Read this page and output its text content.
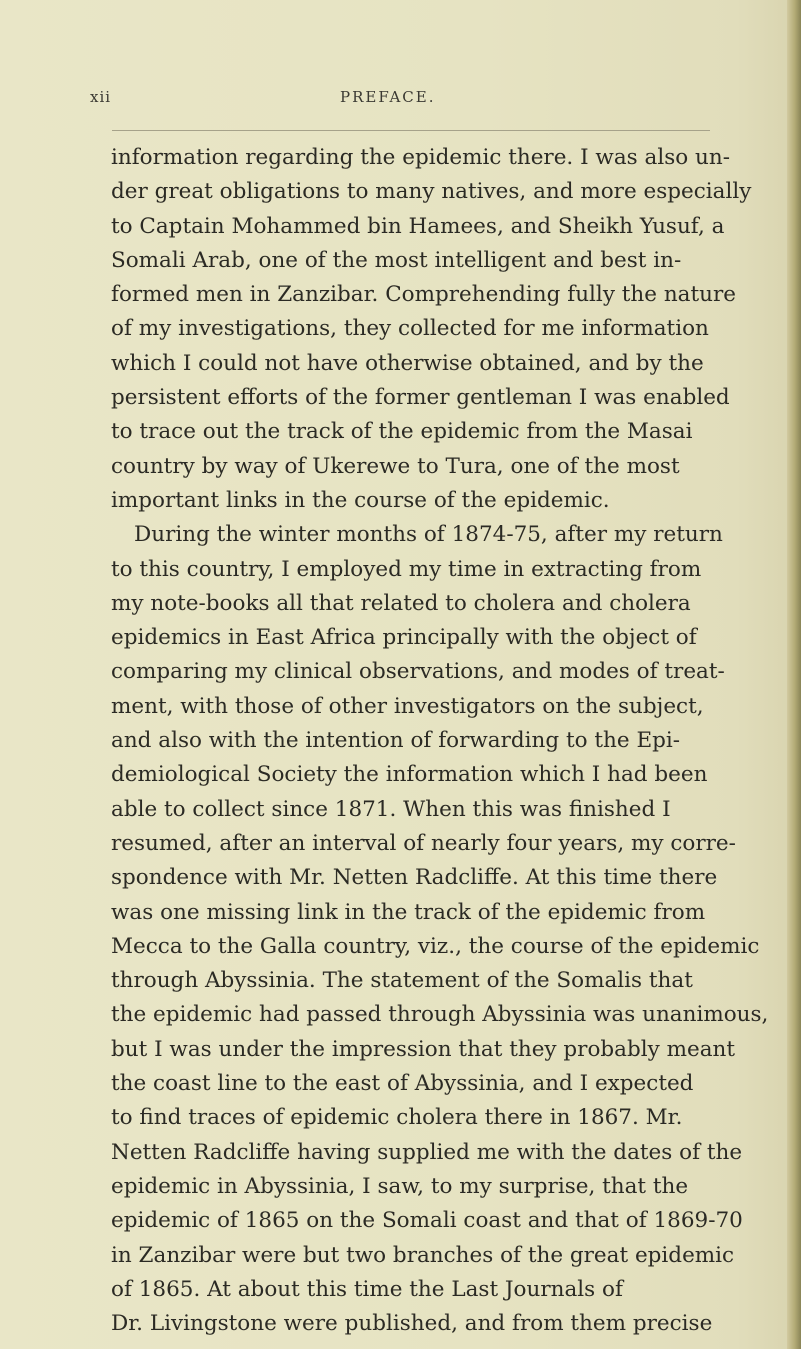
xii	PREFACE.
information regarding the epidemic there. I was also un-
der great obligations to many natives, and more especially
to Captain Mohammed bin Hamees, and Sheikh Yusuf, a
Somali Arab, one of the most intelligent and best in-
formed men in Zanzibar. Comprehending fully the nature
of my investigations, they collected for me information
which I could not have otherwise obtained, and by the
persistent efforts of the former gentleman I was enabled
to trace out the track of the epidemic from the Masai
country by way of Ukerewe to Tura, one of the most
important links in the course of the epidemic.
During the winter months of 1874-75, after my return
to this country, I employed my time in extracting from
my note-books all that related to cholera and cholera
epidemics in East Africa principally with the object of
comparing my clinical observations, and modes of treat-
ment, with those of other investigators on the subject,
and also with the intention of forwarding to the Epi-
demiological Society the information which I had been
able to collect since 1871. When this was finished I
resumed, after an interval of nearly four years, my corre-
spondence with Mr. Netten Radcliffe. At this time there
was one missing link in the track of the epidemic from
Mecca to the Galla country, viz., the course of the epidemic
through Abyssinia. The statement of the Somalis that
the epidemic had passed through Abyssinia was unanimous,
but I was under the impression that they probably meant
the coast line to the east of Abyssinia, and I expected
to find traces of epidemic cholera there in 1867. Mr.
Netten Radcliffe having supplied me with the dates of the
epidemic in Abyssinia, I saw, to my surprise, that the
epidemic of 1865 on the Somali coast and that of 1869-70
in Zanzibar were but two branches of the great epidemic
of 1865. At about this time the Last Journals of
Dr. Livingstone were published, and from them precise
